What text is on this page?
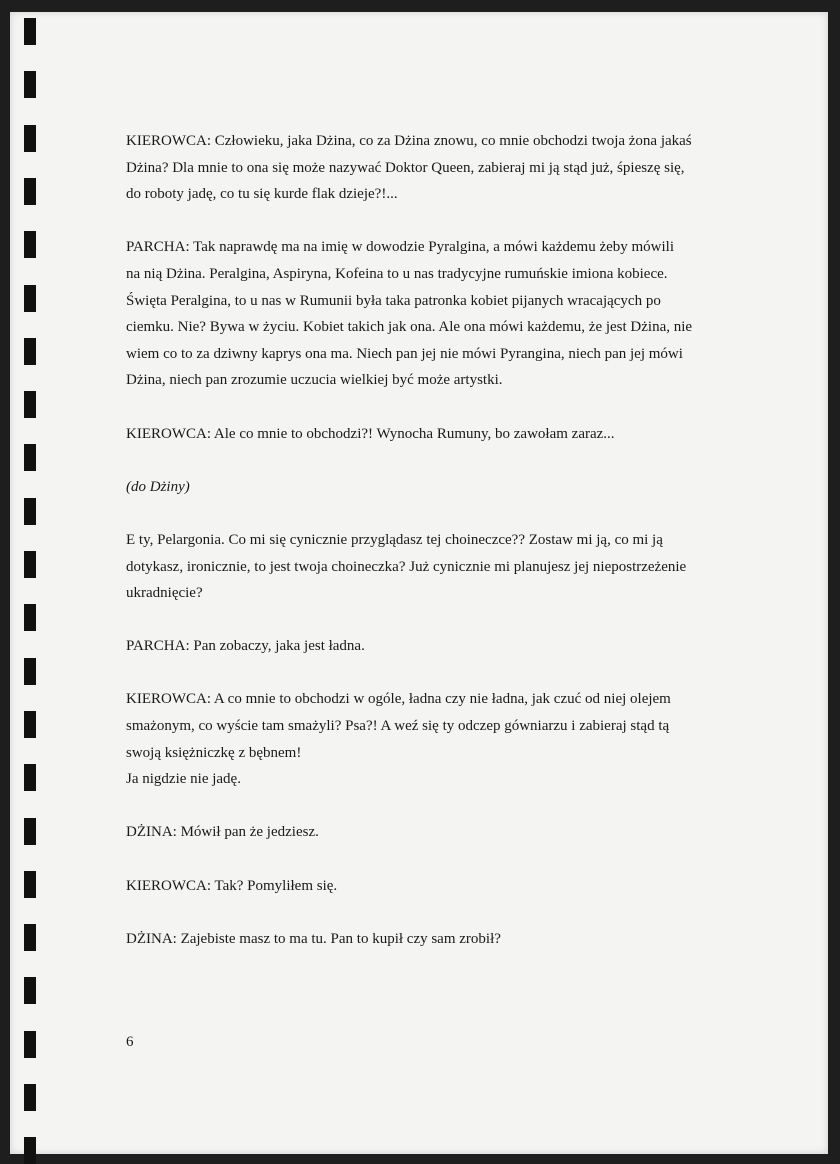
KIEROWCA: Człowieku, jaka Dżina, co za Dżina znowu, co mnie obchodzi twoja żona jakaś
Dżina? Dla mnie to ona się może nazywać Doktor Queen, zabieraj mi ją stąd już, śpieszę się,
do roboty jadę, co tu się kurde flak dzieje?!...

PARCHA: Tak naprawdę ma na imię w dowodzie Pyralgina, a mówi każdemu żeby mówili
na nią Dżina. Peralgina, Aspiryna, Kofeina to u nas tradycyjne rumuńskie imiona kobiece.
Święta Peralgina, to u nas w Rumunii była taka patronka kobiet pijanych wracających po
ciemku. Nie? Bywa w życiu. Kobiet takich jak ona. Ale ona mówi każdemu, że jest Dżina, nie
wiem co to za dziwny kaprys ona ma. Niech pan jej nie mówi Pyrangina, niech pan jej mówi
Dżina, niech pan zrozumie uczucia wielkiej być może artystki.

KIEROWCA: Ale co mnie to obchodzi?! Wynocha Rumuny, bo zawołam zaraz...

(do Dżiny)

E ty, Pelargonia. Co mi się cynicznie przyglądasz tej choineczce?? Zostaw mi ją, co mi ją
dotykasz, ironicznie, to jest twoja choineczka? Już cynicznie mi planujesz jej niepostrzeżenie
ukradnięcie?

PARCHA: Pan zobaczy, jaka jest ładna.

KIEROWCA: A co mnie to obchodzi w ogóle, ładna czy nie ładna, jak czuć od niej olejem
smażonym, co wyście tam smażyli? Psa?! A weź się ty odczep gówniarzu i zabieraj stąd tą
swoją księżniczkę z bębnem!
Ja nigdzie nie jadę.

DŻINA: Mówił pan że jedziesz.

KIEROWCA: Tak? Pomyliłem się.

DŻINA: Zajebiste masz to ma tu. Pan to kupił czy sam zrobił?

6
